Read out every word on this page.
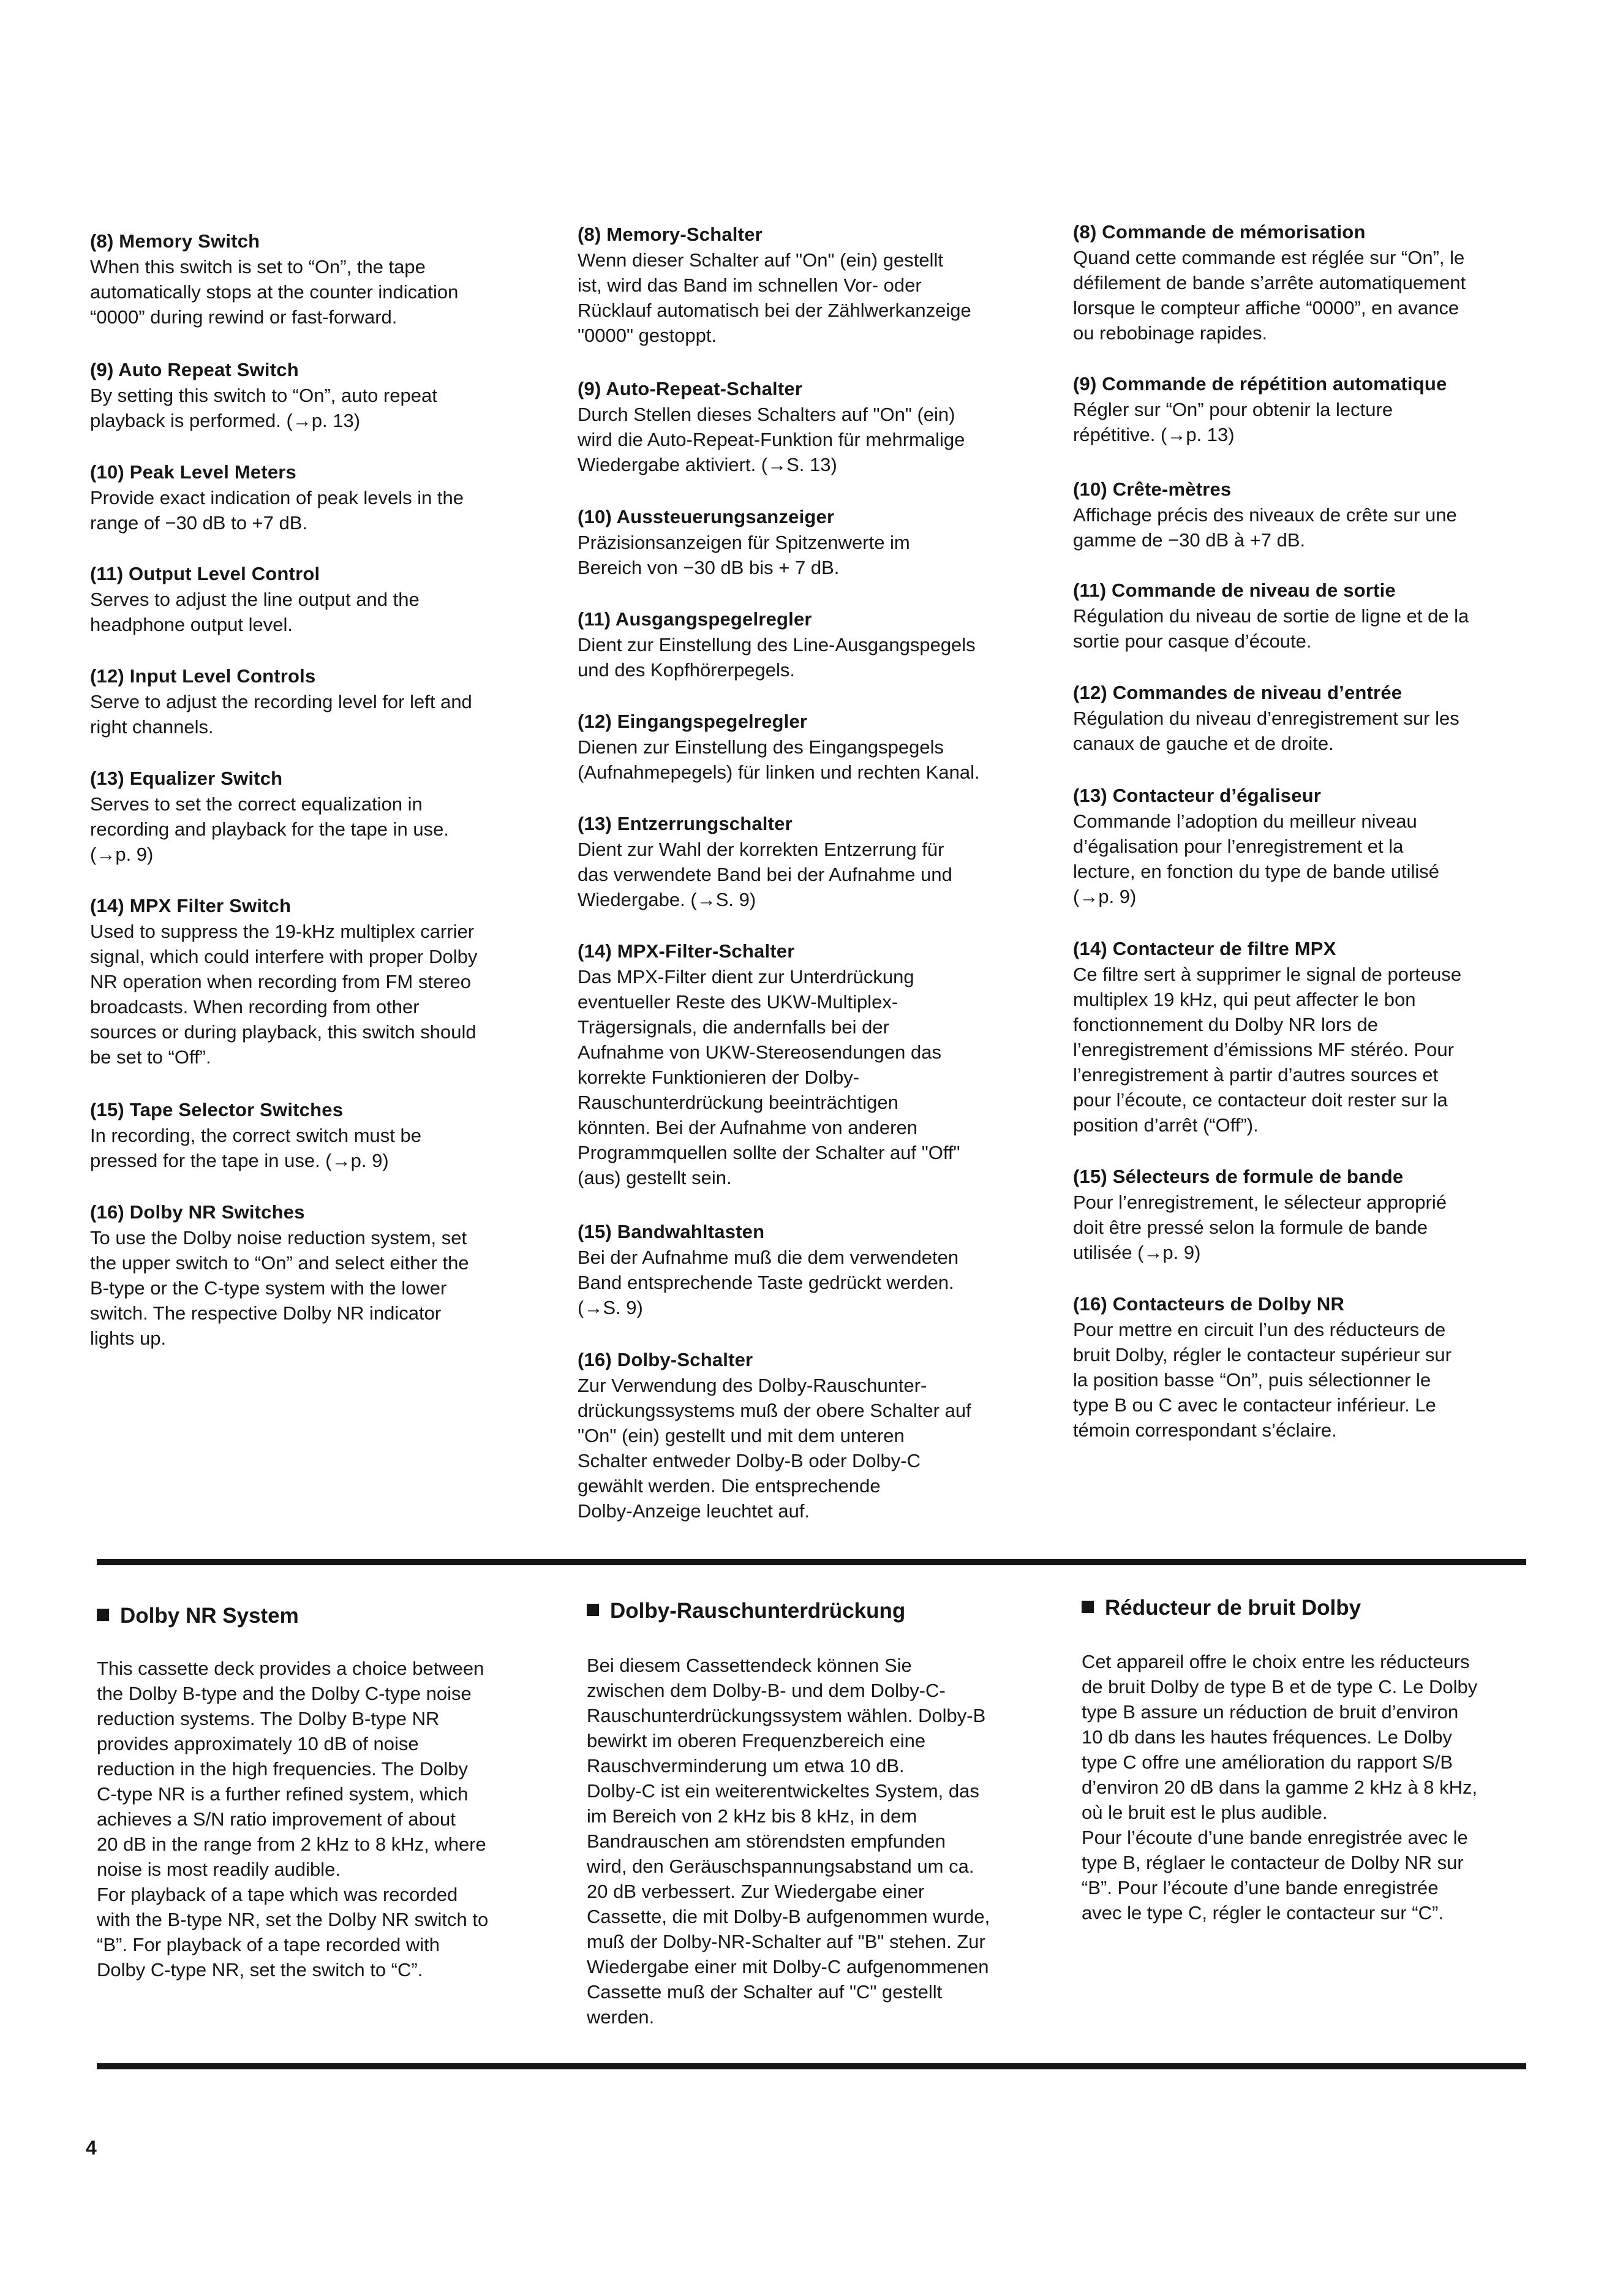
(8) Memory Switch

When this switch is set to “On”, the tape
automatically stops at the counter indication
“0000” during rewind or fast-forward.

(9) Auto Repeat Switch

By setting this switch to “On”, auto repeat
playback is performed. (→p. 13)

(10) Peak Level Meters

Provide exact indication of peak levels in the
range of −30 dB to +7 dB.

(11) Output Level Control

Serves to adjust the line output and the
headphone output level.

(12) Input Level Controls

Serve to adjust the recording level for left and
right channels.

(13) Equalizer Switch

Serves to set the correct equalization in
recording and playback for the tape in use.
(→p. 9)

(14) MPX Filter Switch

Used to suppress the 19-kHz multiplex carrier
signal, which could interfere with proper Dolby
NR operation when recording from FM stereo
broadcasts. When recording from other
sources or during playback, this switch should
be set to “Off”.

(15) Tape Selector Switches

In recording, the correct switch must be
pressed for the tape in use. (→p. 9)

(16) Dolby NR Switches

To use the Dolby noise reduction system, set
the upper switch to “On” and select either the
B-type or the C-type system with the lower
switch. The respective Dolby NR indicator
lights up.

(8) Memory-Schalter

Wenn dieser Schalter auf "On" (ein) gestellt
ist, wird das Band im schnellen Vor- oder
Rücklauf automatisch bei der Zählwerkanzeige
"0000" gestoppt.

(9) Auto-Repeat-Schalter

Durch Stellen dieses Schalters auf "On" (ein)
wird die Auto-Repeat-Funktion für mehrmalige
Wiedergabe aktiviert. (→S. 13)

(10) Aussteuerungsanzeiger

Präzisionsanzeigen für Spitzenwerte im
Bereich von −30 dB bis + 7 dB.

(11) Ausgangspegelregler

Dient zur Einstellung des Line-Ausgangspegels
und des Kopfhörerpegels.

(12) Eingangspegelregler

Dienen zur Einstellung des Eingangspegels
(Aufnahmepegels) für linken und rechten Kanal.

(13) Entzerrungschalter

Dient zur Wahl der korrekten Entzerrung für
das verwendete Band bei der Aufnahme und
Wiedergabe. (→S. 9)

(14) MPX-Filter-Schalter

Das MPX-Filter dient zur Unterdrückung
eventueller Reste des UKW-Multiplex-
Trägersignals, die andernfalls bei der
Aufnahme von UKW-Stereosendungen das
korrekte Funktionieren der Dolby-
Rauschunterdrückung beeinträchtigen
könnten. Bei der Aufnahme von anderen
Programmquellen sollte der Schalter auf "Off"
(aus) gestellt sein.

(15) Bandwahltasten

Bei der Aufnahme muß die dem verwendeten
Band entsprechende Taste gedrückt werden.
(→S. 9)

(16) Dolby-Schalter

Zur Verwendung des Dolby-Rauschunter-
drückungssystems muß der obere Schalter auf
"On" (ein) gestellt und mit dem unteren
Schalter entweder Dolby-B oder Dolby-C
gewählt werden. Die entsprechende
Dolby-Anzeige leuchtet auf.

(8) Commande de mémorisation

Quand cette commande est réglée sur “On”, le
défilement de bande s’arrête automatiquement
lorsque le compteur affiche “0000”, en avance
ou rebobinage rapides.

(9) Commande de répétition automatique

Régler sur “On” pour obtenir la lecture
répétitive. (→p. 13)

(10) Crête-mètres

Affichage précis des niveaux de crête sur une
gamme de −30 dB à +7 dB.

(11) Commande de niveau de sortie

Régulation du niveau de sortie de ligne et de la
sortie pour casque d’écoute.

(12) Commandes de niveau d’entrée

Régulation du niveau d’enregistrement sur les
canaux de gauche et de droite.

(13) Contacteur d’égaliseur

Commande l’adoption du meilleur niveau
d’égalisation pour l’enregistrement et la
lecture, en fonction du type de bande utilisé
(→p. 9)

(14) Contacteur de filtre MPX

Ce filtre sert à supprimer le signal de porteuse
multiplex 19 kHz, qui peut affecter le bon
fonctionnement du Dolby NR lors de
l’enregistrement d’émissions MF stéréo. Pour
l’enregistrement à partir d’autres sources et
pour l’écoute, ce contacteur doit rester sur la
position d’arrêt (“Off”).

(15) Sélecteurs de formule de bande

Pour l’enregistrement, le sélecteur approprié
doit être pressé selon la formule de bande
utilisée (→p. 9)

(16) Contacteurs de Dolby NR

Pour mettre en circuit l’un des réducteurs de
bruit Dolby, régler le contacteur supérieur sur
la position basse “On”, puis sélectionner le
type B ou C avec le contacteur inférieur. Le
témoin correspondant s’éclaire.

Dolby NR System

This cassette deck provides a choice between
the Dolby B-type and the Dolby C-type noise
reduction systems. The Dolby B-type NR
provides approximately 10 dB of noise
reduction in the high frequencies. The Dolby
C-type NR is a further refined system, which
achieves a S/N ratio improvement of about
20 dB in the range from 2 kHz to 8 kHz, where
noise is most readily audible.
For playback of a tape which was recorded
with the B-type NR, set the Dolby NR switch to
“B”. For playback of a tape recorded with
Dolby C-type NR, set the switch to “C”.

Dolby-Rauschunterdrückung

Bei diesem Cassettendeck können Sie
zwischen dem Dolby-B- und dem Dolby-C-
Rauschunterdrückungssystem wählen. Dolby-B
bewirkt im oberen Frequenzbereich eine
Rauschverminderung um etwa 10 dB.
Dolby-C ist ein weiterentwickeltes System, das
im Bereich von 2 kHz bis 8 kHz, in dem
Bandrauschen am störendsten empfunden
wird, den Geräuschspannungsabstand um ca.
20 dB verbessert. Zur Wiedergabe einer
Cassette, die mit Dolby-B aufgenommen wurde,
muß der Dolby-NR-Schalter auf "B" stehen. Zur
Wiedergabe einer mit Dolby-C aufgenommenen
Cassette muß der Schalter auf "C" gestellt
werden.

Réducteur de bruit Dolby

Cet appareil offre le choix entre les réducteurs
de bruit Dolby de type B et de type C. Le Dolby
type B assure un réduction de bruit d’environ
10 db dans les hautes fréquences. Le Dolby
type C offre une amélioration du rapport S/B
d’environ 20 dB dans la gamme 2 kHz à 8 kHz,
où le bruit est le plus audible.
Pour l’écoute d’une bande enregistrée avec le
type B, réglaer le contacteur de Dolby NR sur
“B”. Pour l’écoute d’une bande enregistrée
avec le type C, régler le contacteur sur “C”.

4
